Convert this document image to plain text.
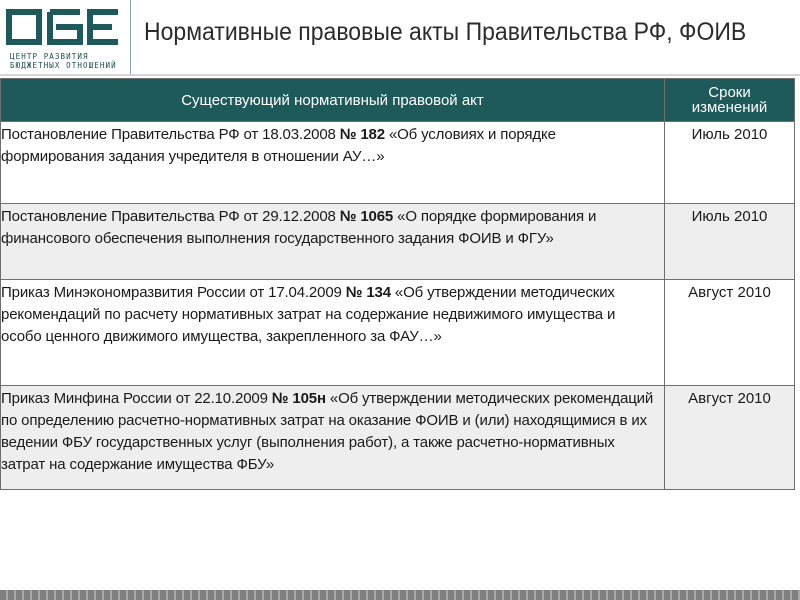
ЦЕНТР РАЗВИТИЯ
БЮДЖЕТНЫХ ОТНОШЕНИЙ
Нормативные правовые акты Правительства РФ, ФОИВ
Существующий нормативный правовой акт	Сроки
изменений

Постановление Правительства РФ от 18.03.2008 № 182 «Об условиях и порядке формирования задания учредителя в отношении АУ…»	Июль 2010

Постановление Правительства РФ от 29.12.2008 № 1065 «О порядке формирования и финансового обеспечения выполнения государственного задания ФОИВ и ФГУ»	Июль 2010

Приказ Минэкономразвития России от 17.04.2009 № 134 «Об утверждении методических рекомендаций по расчету нормативных затрат на содержание недвижимого имущества и особо ценного движимого имущества, закрепленного за ФАУ…»	Август 2010

Приказ Минфина России от 22.10.2009 № 105н «Об утверждении методических рекомендаций по определению расчетно-нормативных затрат на оказание ФОИВ и (или) находящимися в их ведении ФБУ государственных услуг (выполнения работ), а также расчетно-нормативных затрат на содержание имущества ФБУ»	Август 2010
